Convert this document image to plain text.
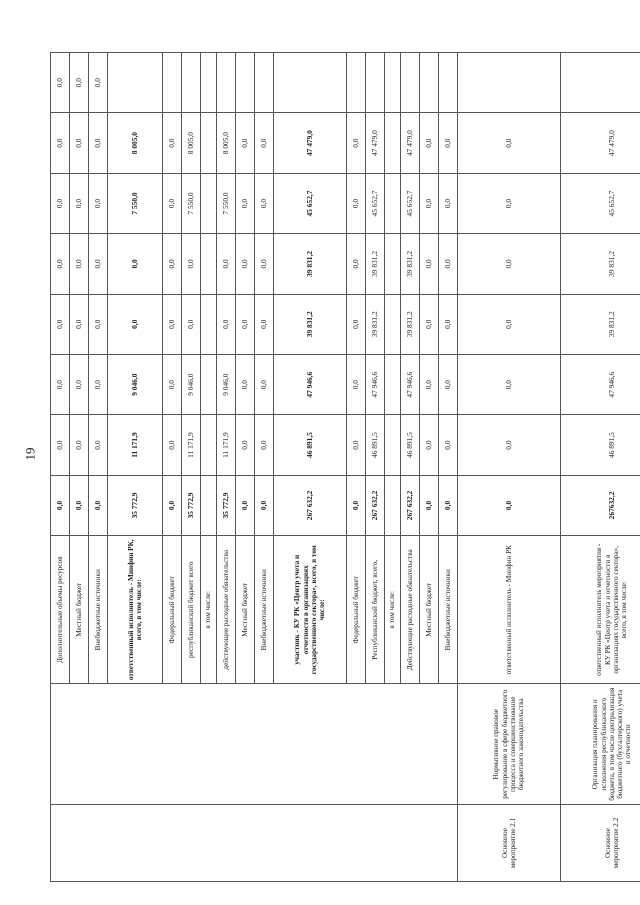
19
		Дополнительные объемы ресурсов	0,0	0,0	0,0	0,0	0,0	0,0	0,0	0,0
		Местный бюджет	0,0	0,0	0,0	0,0	0,0	0,0	0,0	0,0
		Внебюджетные источники	0,0	0,0	0,0	0,0	0,0	0,0	0,0	0,0
		ответственный исполнитель - Минфин РК, всего, в том числе:	35 772,9	11 171,9	9 046,0	0,0	0,0	7 550,0	8 005,0	
		Федеральный бюджет	0,0	0,0	0,0	0,0	0,0	0,0	0,0	
		республиканский бюджет всего	35 772,9	11 171,9	9 046,0	0,0	0,0	7 550,0	8 005,0	
		в том числе:								
		действующие расходные обязательства	35 772,9	11 171,9	9 046,0	0,0	0,0	7 550,0	8 005,0	
		Местный бюджет	0,0	0,0	0,0	0,0	0,0	0,0	0,0	
		Внебюджетные источники	0,0	0,0	0,0	0,0	0,0	0,0	0,0	
		участник - КУ РК «Центр учета и отчетности в организациях государственного сектора», всего, в том числе:	267 632,2	46 891,5	47 946,6	39 831,2	39 831,2	45 652,7	47 479,0	
		Федеральный бюджет	0,0	0,0	0,0	0,0	0,0	0,0	0,0	
		Республиканский бюджет, всего,	267 632,2	46 891,5	47 946,6	39 831,2	39 831,2	45 652,7	47 479,0	
		в том числе:								
		Действующие расходные обязательства	267 632,2	46 891,5	47 946,6	39 831,2	39 831,2	45 652,7	47 479,0	
		Местный бюджет	0,0	0,0	0,0	0,0	0,0	0,0	0,0	
		Внебюджетные источники	0,0	0,0	0,0	0,0	0,0	0,0	0,0	
Основное мероприятие 2.1	Нормативное правовое регулирование в сфере бюджетного процесса и совершенствование бюджетного законодательства	ответственный исполнитель - Минфин РК	0,0	0,0	0,0	0,0	0,0	0,0	0,0	
Основное мероприятие 2.2	Организация планирования и исполнения республиканского бюджета, в том числе централизация бюджетного (бухгалтерского) учета и отчетности	ответственный исполнитель мероприятия - КУ РК «Центр учета и отчетности в организациях государственного сектора», всего, в том числе:	267632,2	46 891,5	47 946,6	39 831,2	39 831,2	45 652,7	47 479,0	
